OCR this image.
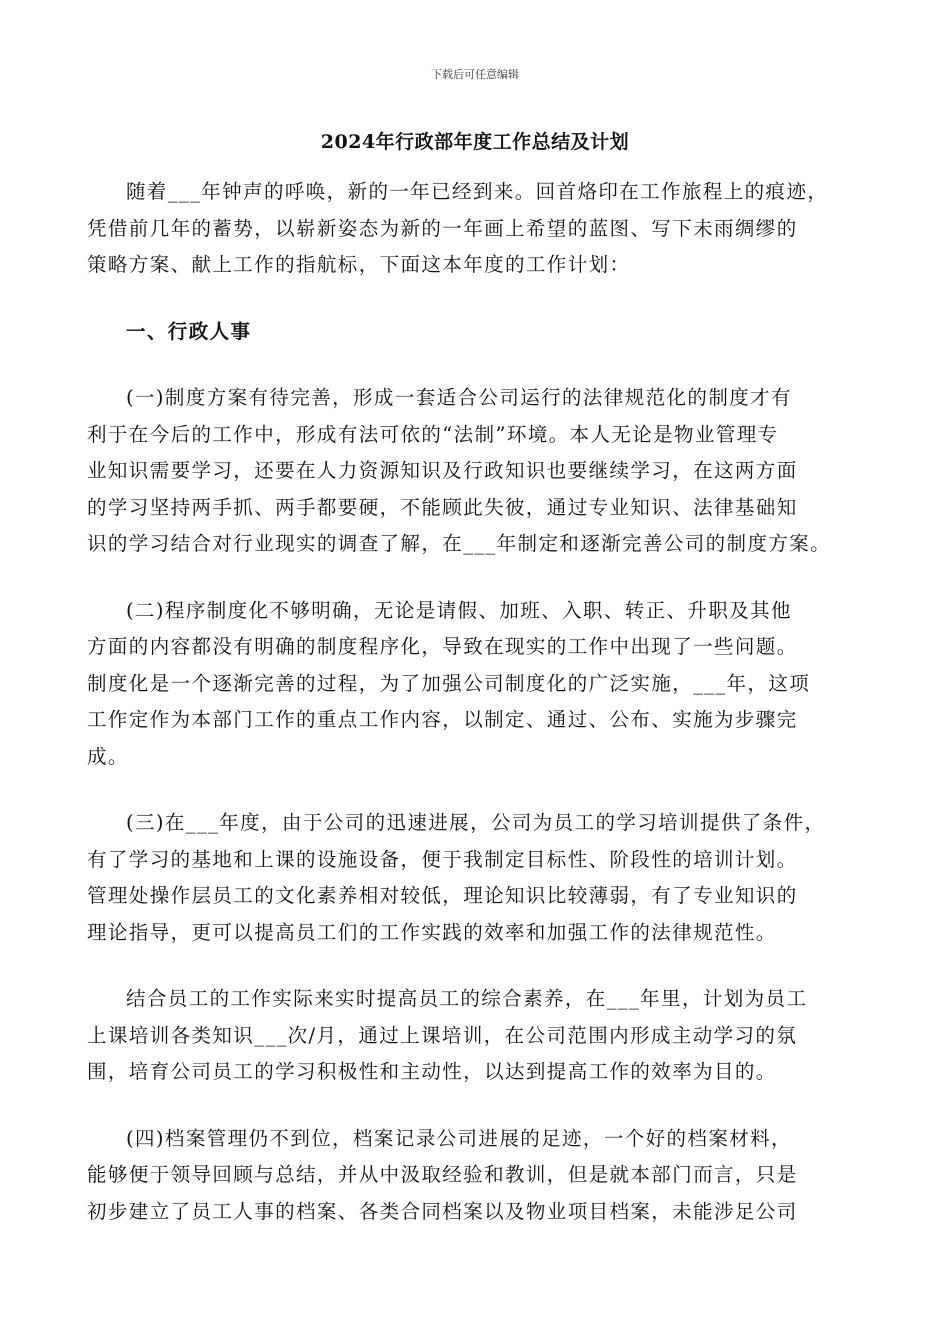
下载后可任意编辑
2024年行政部年度工作总结及计划

随着___年钟声的呼唤，新的一年已经到来。回首烙印在工作旅程上的痕迹，
凭借前几年的蓄势，以崭新姿态为新的一年画上希望的蓝图、写下未雨绸缪的
策略方案、献上工作的指航标，下面这本年度的工作计划：

一、行政人事

(一)制度方案有待完善，形成一套适合公司运行的法律规范化的制度才有
利于在今后的工作中，形成有法可依的“法制”环境。本人无论是物业管理专
业知识需要学习，还要在人力资源知识及行政知识也要继续学习，在这两方面
的学习坚持两手抓、两手都要硬，不能顾此失彼，通过专业知识、法律基础知
识的学习结合对行业现实的调查了解，在___年制定和逐渐完善公司的制度方案。

(二)程序制度化不够明确，无论是请假、加班、入职、转正、升职及其他
方面的内容都没有明确的制度程序化，导致在现实的工作中出现了一些问题。
制度化是一个逐渐完善的过程，为了加强公司制度化的广泛实施，___年，这项
工作定作为本部门工作的重点工作内容，以制定、通过、公布、实施为步骤完
成。

(三)在___年度，由于公司的迅速进展，公司为员工的学习培训提供了条件，
有了学习的基地和上课的设施设备，便于我制定目标性、阶段性的培训计划。
管理处操作层员工的文化素养相对较低，理论知识比较薄弱，有了专业知识的
理论指导，更可以提高员工们的工作实践的效率和加强工作的法律规范性。

结合员工的工作实际来实时提高员工的综合素养，在___年里，计划为员工
上课培训各类知识___次/月，通过上课培训，在公司范围内形成主动学习的氛
围，培育公司员工的学习积极性和主动性，以达到提高工作的效率为目的。

(四)档案管理仍不到位，档案记录公司进展的足迹，一个好的档案材料，
能够便于领导回顾与总结，并从中汲取经验和教训，但是就本部门而言，只是
初步建立了员工人事的档案、各类合同档案以及物业项目档案，未能涉足公司
